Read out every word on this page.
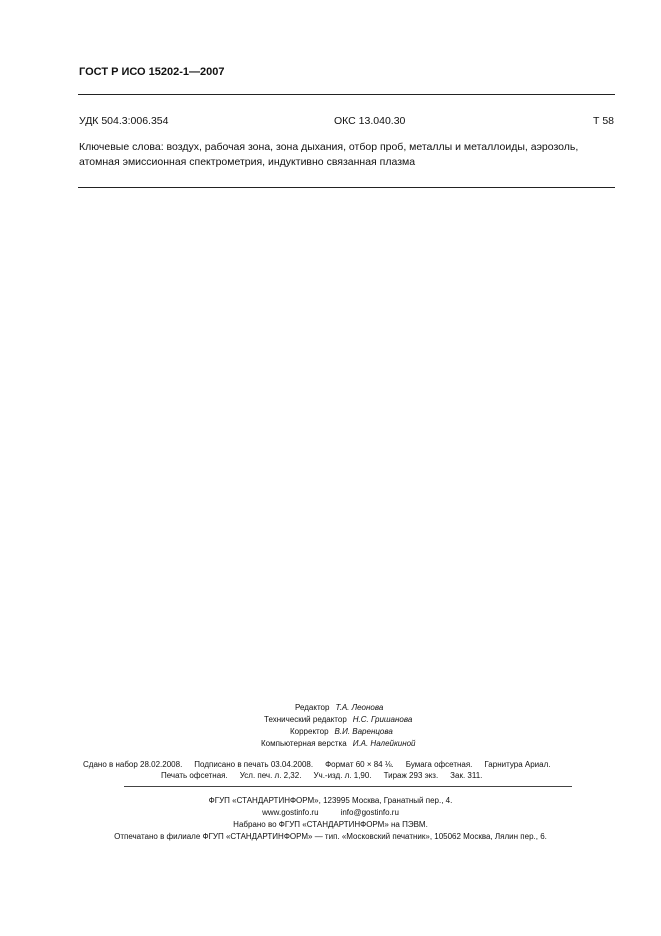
ГОСТ Р ИСО 15202-1—2007
УДК 504.3:006.354	ОКС 13.040.30	Т 58
Ключевые слова: воздух, рабочая зона, зона дыхания, отбор проб, металлы и металлоиды, аэрозоль, атомная эмиссионная спектрометрия, индуктивно связанная плазма
Редактор Т.А. Леонова
Технический редактор Н.С. Гришанова
Корректор В.И. Варенцова
Компьютерная верстка И.А. Налейкиной
Сдано в набор 28.02.2008. Подписано в печать 03.04.2008. Формат 60 × 84 ⅛. Бумага офсетная. Гарнитура Ариал.
Печать офсетная. Усл. печ. л. 2,32. Уч.-изд. л. 1,90. Тираж 293 экз. Зак. 311.
ФГУП «СТАНДАРТИНФОРМ», 123995 Москва, Гранатный пер., 4.
www.gostinfo.ru	info@gostinfo.ru
Набрано во ФГУП «СТАНДАРТИНФОРМ» на ПЭВМ.
Отпечатано в филиале ФГУП «СТАНДАРТИНФОРМ» — тип. «Московский печатник», 105062 Москва, Лялин пер., 6.
